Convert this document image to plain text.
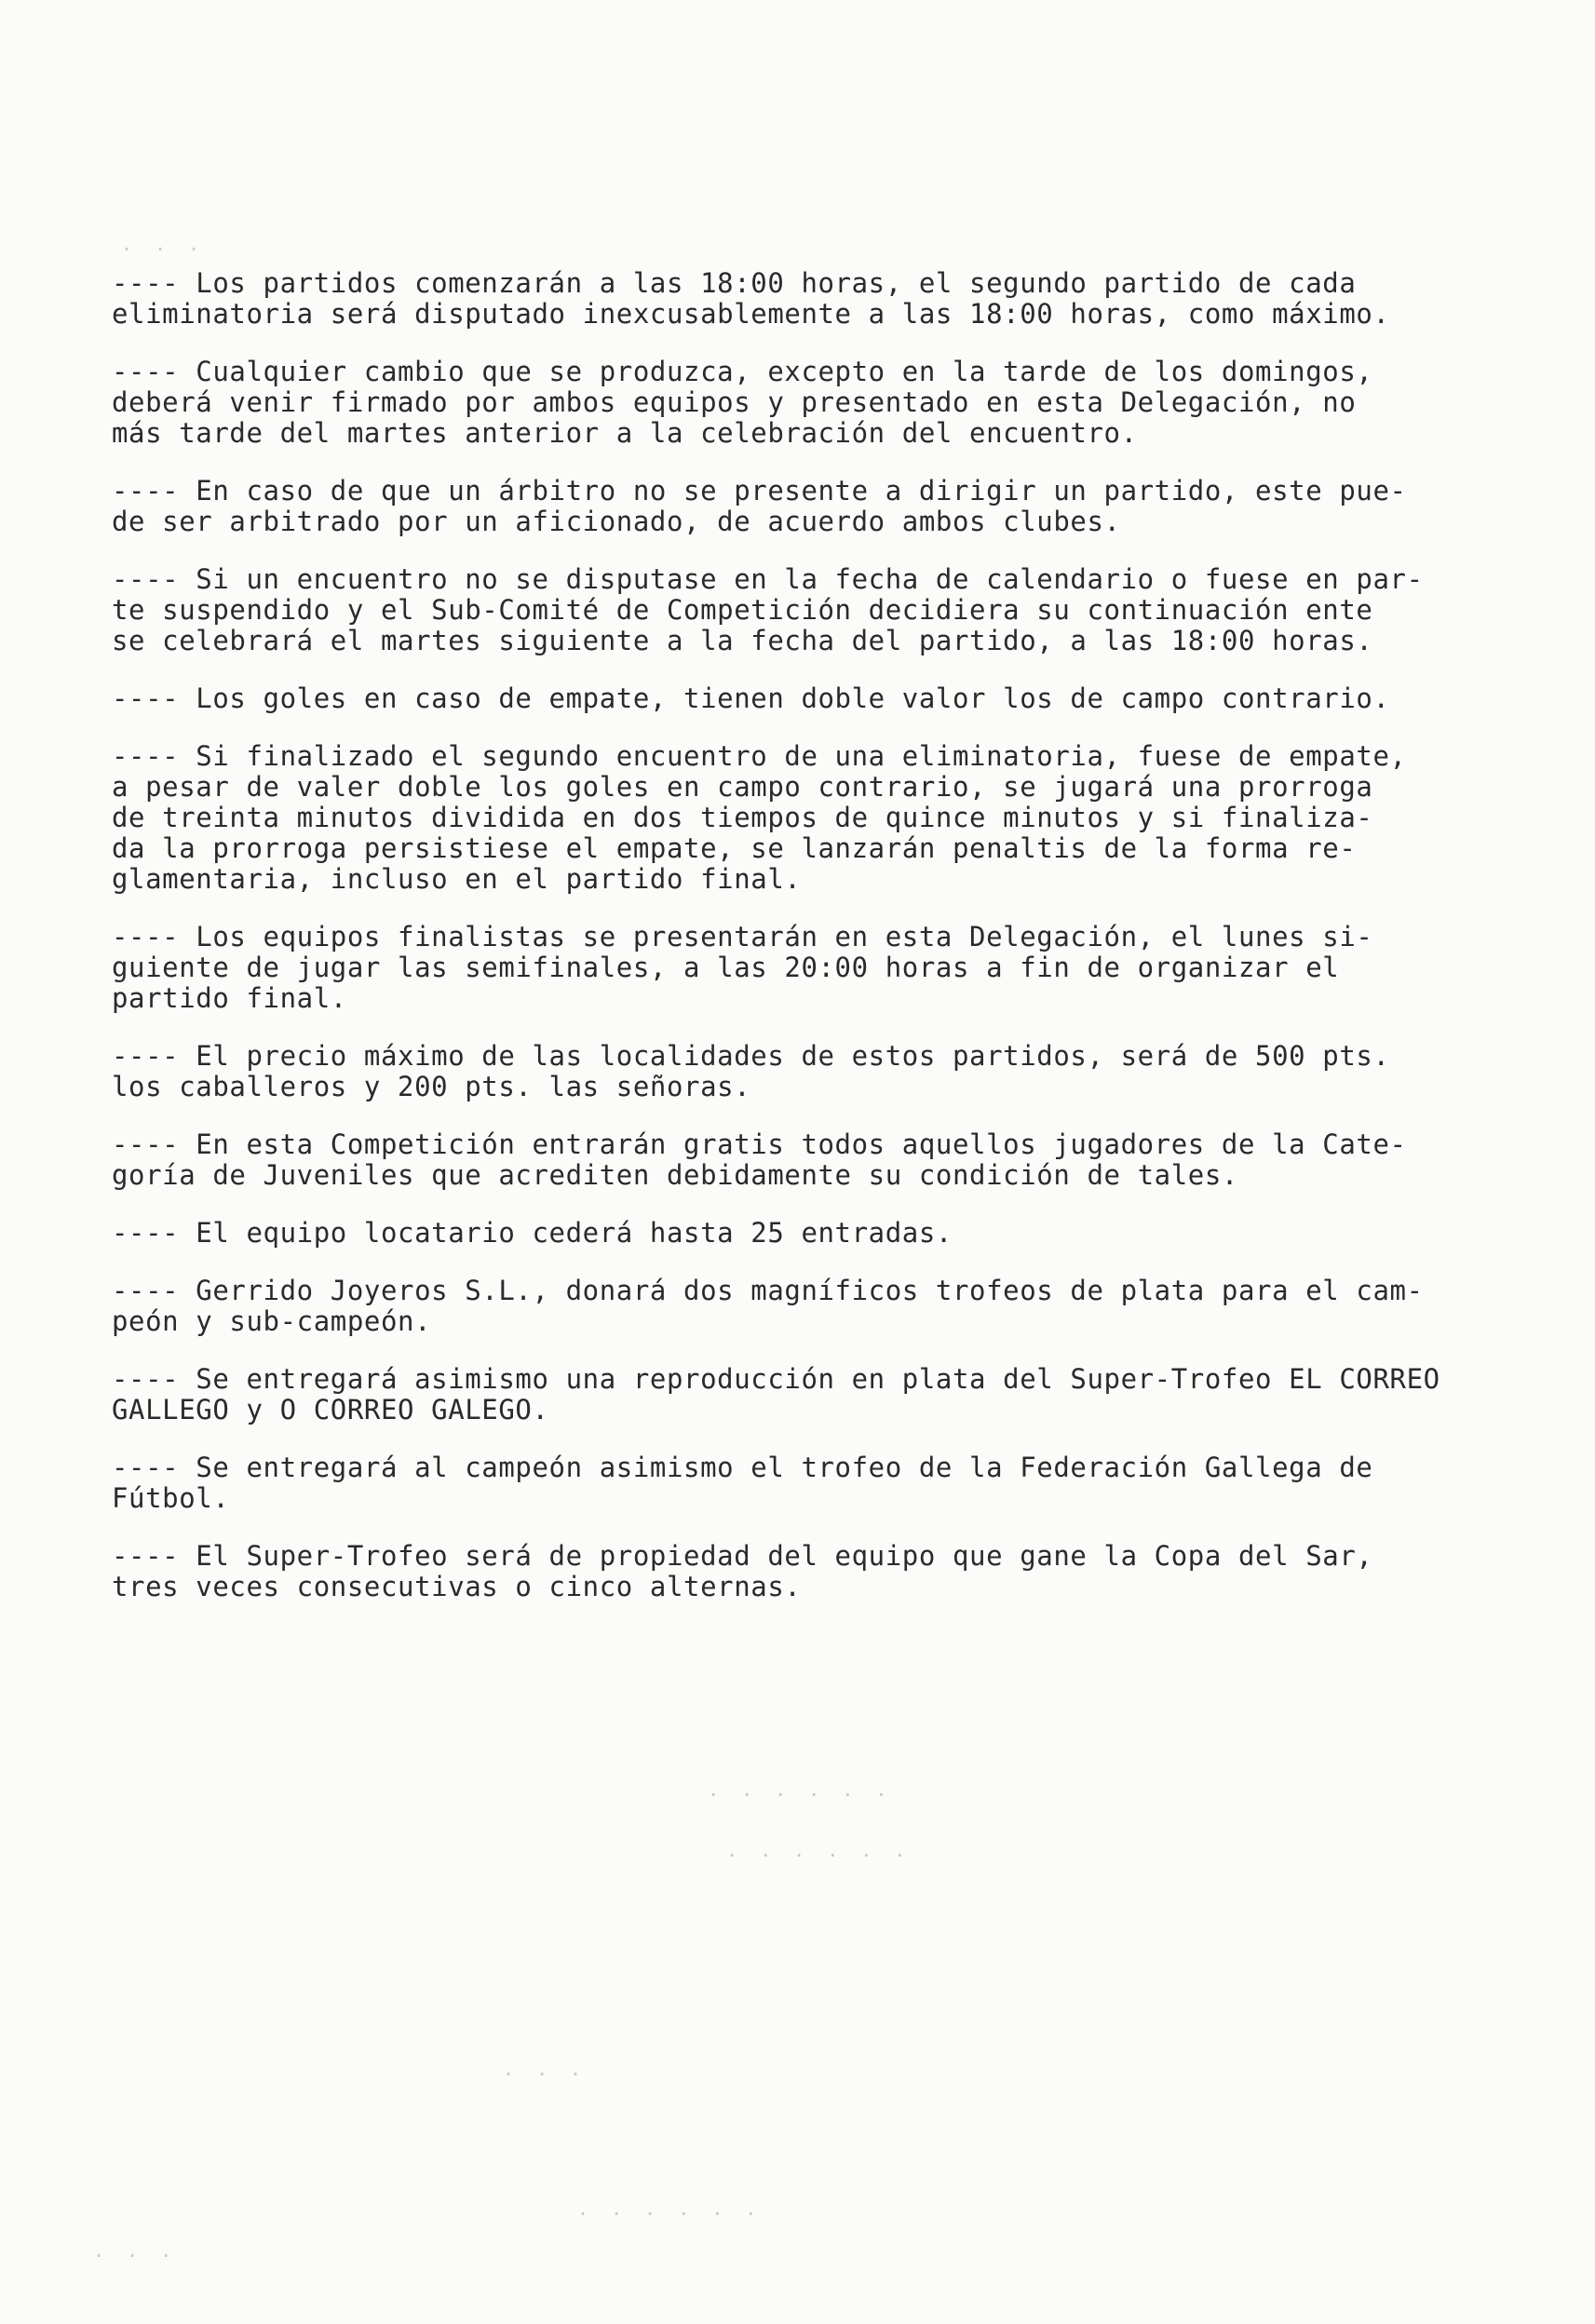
---- Los partidos comenzarán a las 18:00 horas, el segundo partido de cada
eliminatoria será disputado inexcusablemente a las 18:00 horas, como máximo.
---- Cualquier cambio que se produzca, excepto en la tarde de los domingos,
deberá venir firmado por ambos equipos y presentado en esta Delegación, no
más tarde del martes anterior a la celebración del encuentro.
---- En caso de que un árbitro no se presente a dirigir un partido, este pue-
de ser arbitrado por un aficionado, de acuerdo ambos clubes.
---- Si un encuentro no se disputase en la fecha de calendario o fuese en par-
te suspendido y el Sub-Comité de Competición decidiera su continuación ente
se celebrará el martes siguiente a la fecha del partido, a las 18:00 horas.
---- Los goles en caso de empate, tienen doble valor los de campo contrario.
---- Si finalizado el segundo encuentro de una eliminatoria, fuese de empate,
a pesar de valer doble los goles en campo contrario, se jugará una prorroga
de treinta minutos dividida en dos tiempos de quince minutos y si finaliza-
da la prorroga persistiese el empate, se lanzarán penaltis de la forma re-
glamentaria, incluso en el partido final.
---- Los equipos finalistas se presentarán en esta Delegación, el lunes si-
guiente de jugar las semifinales, a las 20:00 horas a fin de organizar el
partido final.
---- El precio máximo de las localidades de estos partidos, será de 500 pts.
los caballeros y 200 pts. las señoras.
---- En esta Competición entrarán gratis todos aquellos jugadores de la Cate-
goría de Juveniles que acrediten debidamente su condición de tales.
---- El equipo locatario cederá hasta 25 entradas.
---- Gerrido Joyeros S.L., donará dos magníficos trofeos de plata para el cam-
peón y sub-campeón.
---- Se entregará asimismo una reproducción en plata del Super-Trofeo EL CORREO
GALLEGO y O CORREO GALEGO.
---- Se entregará al campeón asimismo el trofeo de la Federación Gallega de
Fútbol.
---- El Super-Trofeo será de propiedad del equipo que gane la Copa del Sar,
tres veces consecutivas o cinco alternas.
. . .
. . . . . .
. . . . . .
. . .
. . . . . .
. . .
